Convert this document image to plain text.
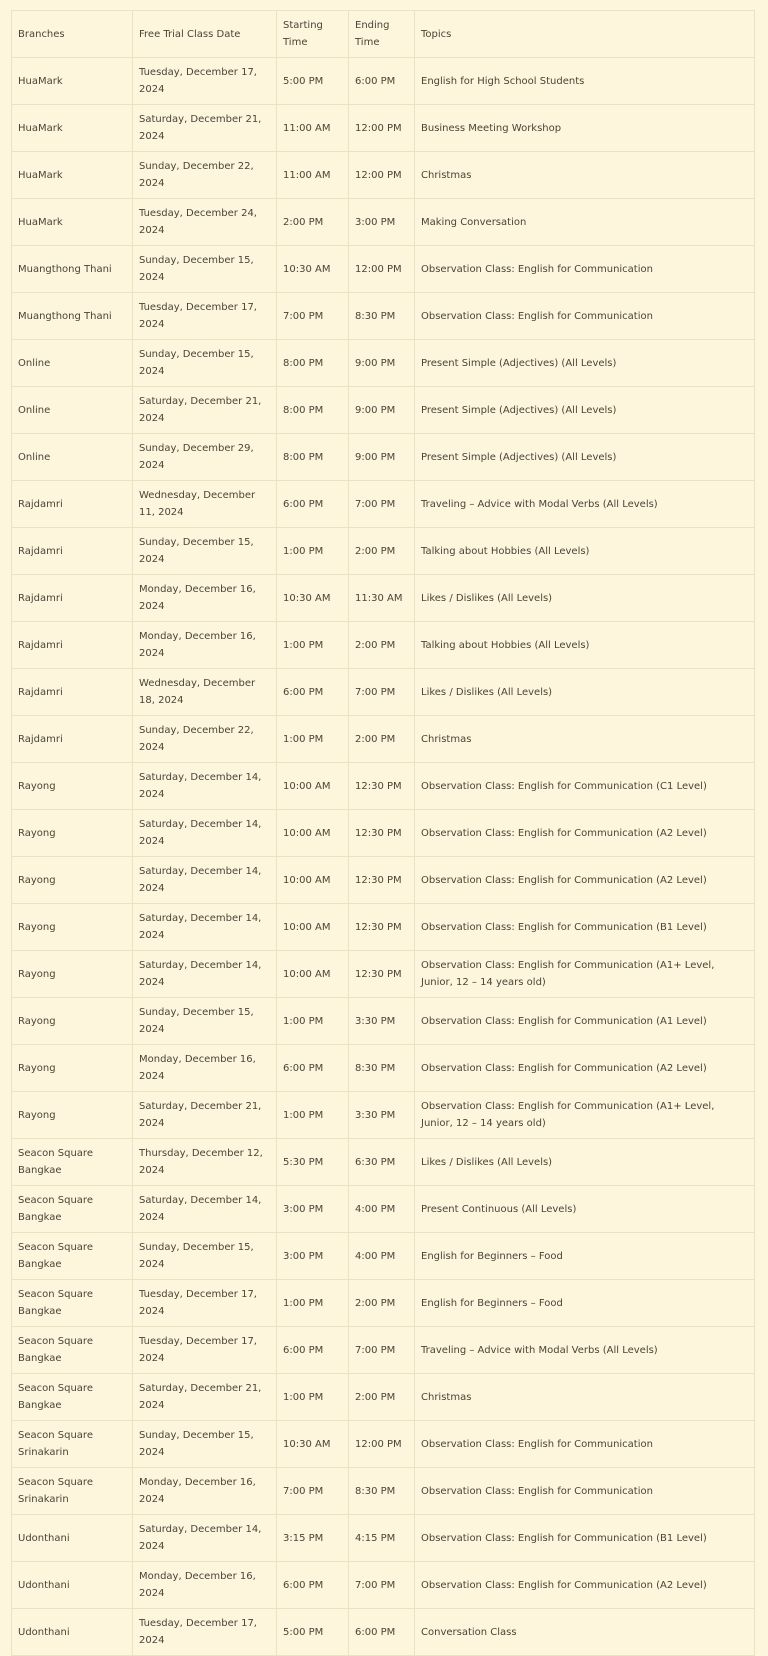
Branches	Free Trial Class Date	Starting Time	Ending Time	Topics
HuaMark	Tuesday, December 17, 2024	5:00 PM	6:00 PM	English for High School Students
HuaMark	Saturday, December 21, 2024	11:00 AM	12:00 PM	Business Meeting Workshop
HuaMark	Sunday, December 22, 2024	11:00 AM	12:00 PM	Christmas
HuaMark	Tuesday, December 24, 2024	2:00 PM	3:00 PM	Making Conversation
Muangthong Thani	Sunday, December 15, 2024	10:30 AM	12:00 PM	Observation Class: English for Communication
Muangthong Thani	Tuesday, December 17, 2024	7:00 PM	8:30 PM	Observation Class: English for Communication
Online	Sunday, December 15, 2024	8:00 PM	9:00 PM	Present Simple (Adjectives) (All Levels)
Online	Saturday, December 21, 2024	8:00 PM	9:00 PM	Present Simple (Adjectives) (All Levels)
Online	Sunday, December 29, 2024	8:00 PM	9:00 PM	Present Simple (Adjectives) (All Levels)
Rajdamri	Wednesday, December 11, 2024	6:00 PM	7:00 PM	Traveling – Advice with Modal Verbs (All Levels)
Rajdamri	Sunday, December 15, 2024	1:00 PM	2:00 PM	Talking about Hobbies (All Levels)
Rajdamri	Monday, December 16, 2024	10:30 AM	11:30 AM	Likes / Dislikes (All Levels)
Rajdamri	Monday, December 16, 2024	1:00 PM	2:00 PM	Talking about Hobbies (All Levels)
Rajdamri	Wednesday, December 18, 2024	6:00 PM	7:00 PM	Likes / Dislikes (All Levels)
Rajdamri	Sunday, December 22, 2024	1:00 PM	2:00 PM	Christmas
Rayong	Saturday, December 14, 2024	10:00 AM	12:30 PM	Observation Class: English for Communication (C1 Level)
Rayong	Saturday, December 14, 2024	10:00 AM	12:30 PM	Observation Class: English for Communication (A2 Level)
Rayong	Saturday, December 14, 2024	10:00 AM	12:30 PM	Observation Class: English for Communication (A2 Level)
Rayong	Saturday, December 14, 2024	10:00 AM	12:30 PM	Observation Class: English for Communication (B1 Level)
Rayong	Saturday, December 14, 2024	10:00 AM	12:30 PM	Observation Class: English for Communication (A1+ Level, Junior, 12 – 14 years old)
Rayong	Sunday, December 15, 2024	1:00 PM	3:30 PM	Observation Class: English for Communication (A1 Level)
Rayong	Monday, December 16, 2024	6:00 PM	8:30 PM	Observation Class: English for Communication (A2 Level)
Rayong	Saturday, December 21, 2024	1:00 PM	3:30 PM	Observation Class: English for Communication (A1+ Level, Junior, 12 – 14 years old)
Seacon Square Bangkae	Thursday, December 12, 2024	5:30 PM	6:30 PM	Likes / Dislikes (All Levels)
Seacon Square Bangkae	Saturday, December 14, 2024	3:00 PM	4:00 PM	Present Continuous (All Levels)
Seacon Square Bangkae	Sunday, December 15, 2024	3:00 PM	4:00 PM	English for Beginners – Food
Seacon Square Bangkae	Tuesday, December 17, 2024	1:00 PM	2:00 PM	English for Beginners – Food
Seacon Square Bangkae	Tuesday, December 17, 2024	6:00 PM	7:00 PM	Traveling – Advice with Modal Verbs (All Levels)
Seacon Square Bangkae	Saturday, December 21, 2024	1:00 PM	2:00 PM	Christmas
Seacon Square Srinakarin	Sunday, December 15, 2024	10:30 AM	12:00 PM	Observation Class: English for Communication
Seacon Square Srinakarin	Monday, December 16, 2024	7:00 PM	8:30 PM	Observation Class: English for Communication
Udonthani	Saturday, December 14, 2024	3:15 PM	4:15 PM	Observation Class: English for Communication (B1 Level)
Udonthani	Monday, December 16, 2024	6:00 PM	7:00 PM	Observation Class: English for Communication (A2 Level)
Udonthani	Tuesday, December 17, 2024	5:00 PM	6:00 PM	Conversation Class
